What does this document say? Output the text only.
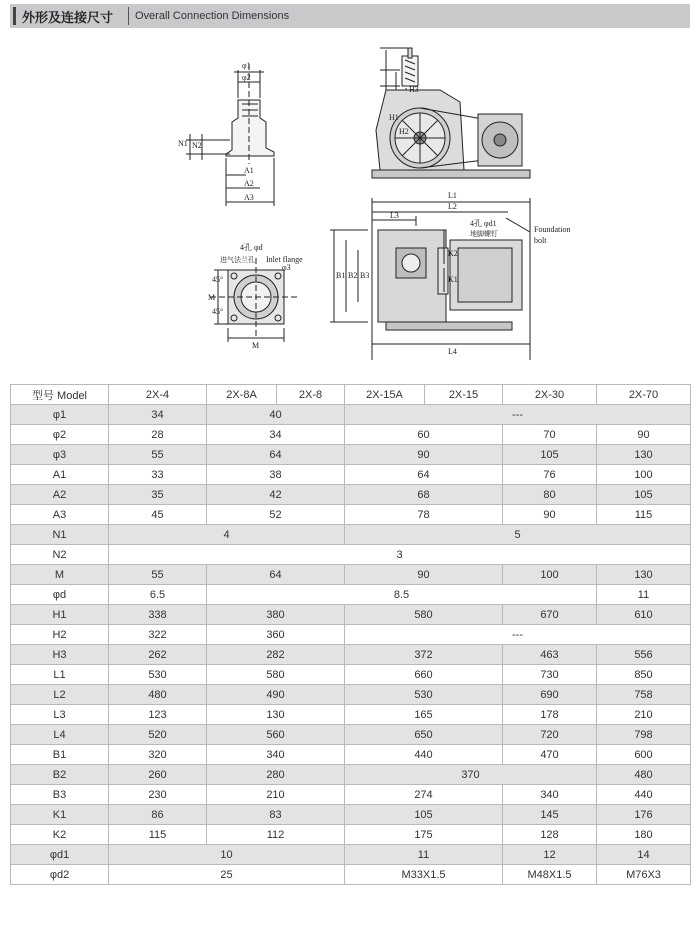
外形及连接尺寸 Overall Connection Dimensions
φ1
φ2
N1 N2
A1
A2
A3
H1
H2
H3
L1
L2
L3
L4
B1 B2 B3
K2
K1
M
M
φ3
45°
45°
4孔 φd
进气法兰孔 Inlet flange
4孔 φd1
地脚螺钉	Foundation
bolt
型号 Model	2X-4	2X-8A	2X-8	2X-15A	2X-15	2X-30	2X-70
φ1	34	40		---			
φ2	28	34		60		70	90
φ3	55	64		90		105	130
A1	33	38		64		76	100
A2	35	42		68		80	105
A3	45	52		78		90	115
N1	4			5			
N2	3						
M	55	64		90		100	130
φd	6.5	8.5					11
H1	338	380		580		670	610
H2	322	360		---			
H3	262	282		372		463	556
L1	530	580		660		730	850
L2	480	490		530		690	758
L3	123	130		165		178	210
L4	520	560		650		720	798
B1	320	340		440		470	600
B2	260	280		370			480
B3	230	210		274		340	440
K1	86	83		105		145	176
K2	115	112		175		128	180
φd1	10			11		12	14
φd2	25			M33X1.5		M48X1.5	M76X3
